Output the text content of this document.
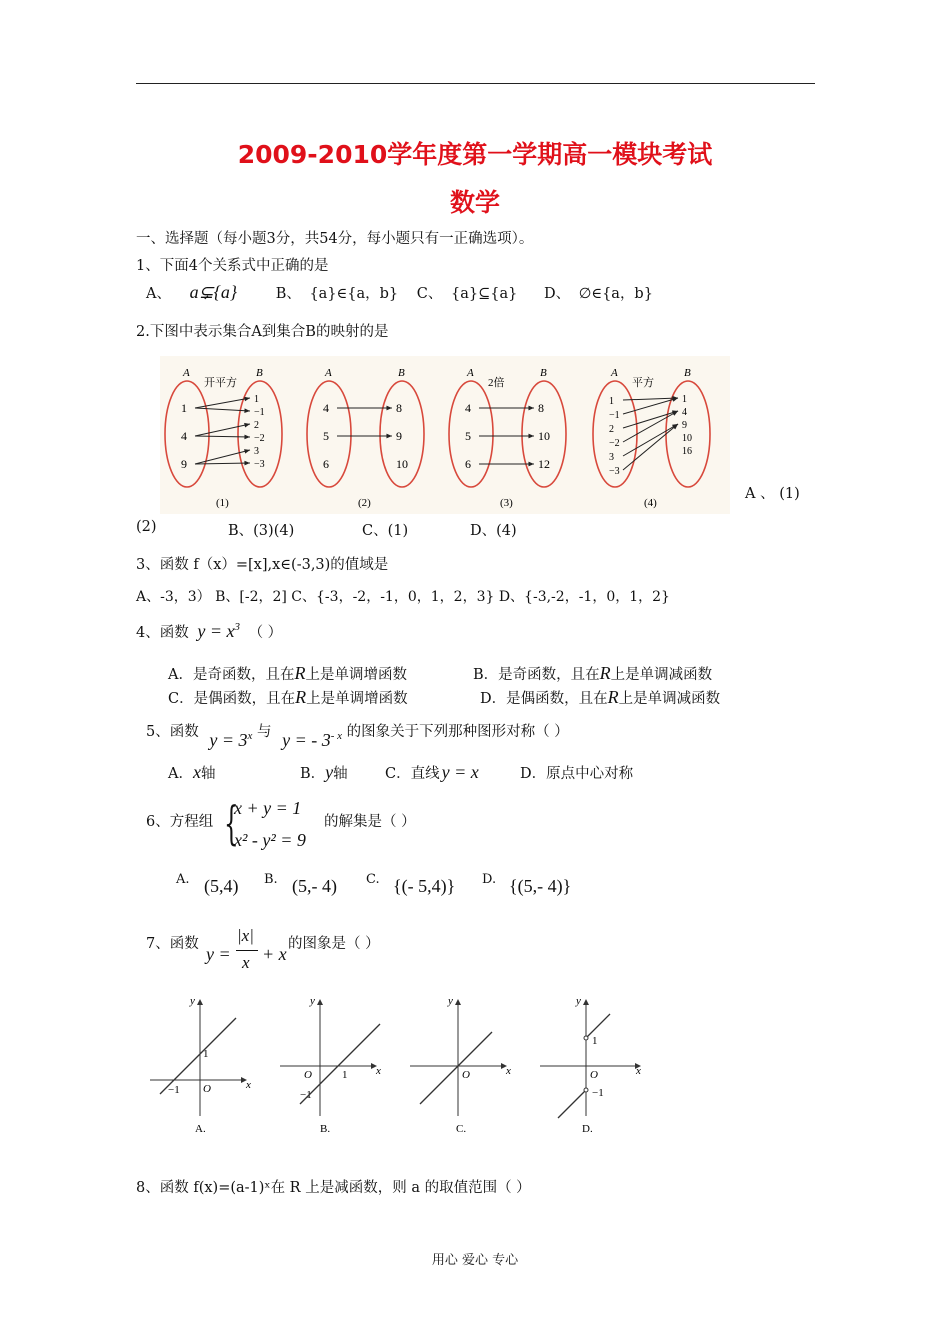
2009-2010学年度第一学期高一模块考试
数学
一、选择题（每小题3分，共54分，每小题只有一正确选项）。
1、下面4个关系式中正确的是
A、 a⊊{a}	B、 {a}∈{a，b} C、 {a}⊆{a} D、 ∅∈{a，b}
2.下图中表示集合A到集合B的映射的是
A	B
开平方
1
4
9
1
−1
2
−2
3
−3
(1)
A	B
4
5
6
8
9
10
(2)
A	B
2倍
4
5
6
8
10
12
(3)
A	B
平方
1
−1
2
−2
3
−3
1
4
9
10
16
(4)
A 、 (1)
(2)	B、(3)(4)	C、(1)	D、(4)
3、函数 f（x）=[x],x∈(-3,3)的值域是
A、-3，3） B、[-2，2] C、{-3，-2，-1，0，1，2，3} D、{-3,-2，-1，0，1，2}
4、函数 $y = x^3$ （ ）
A．是奇函数，且在R上是单调增函数	B．是奇函数，且在R上是单调减函数
C．是偶函数，且在R上是单调增函数	D．是偶函数，且在R上是单调减函数
5、函数 $y = 3^x$ 与 y = - $3^{- x}$ 的图象关于下列那种图形对称（ ）
A．x轴	B．y轴	C．直线 y = x	D．原点中心对称
6、方程组 {
x + y = 1
x² - y² = 9
的解集是（ ）
A. (5,4) B. (5,- 4) C. {(- 5,4)} D. {(5,- 4)}
7、函数 y =
|x|
x + x 的图象是（ ）
y
x
O
1
−1
A.
y
x
O	1
−1
B.
y
x
O
C.
y
x
O
1
−1
D.
8、函数 f(x)=(a-1)ˣ在 R 上是减函数，则 a 的取值范围（ ）
用心 爱心 专心
